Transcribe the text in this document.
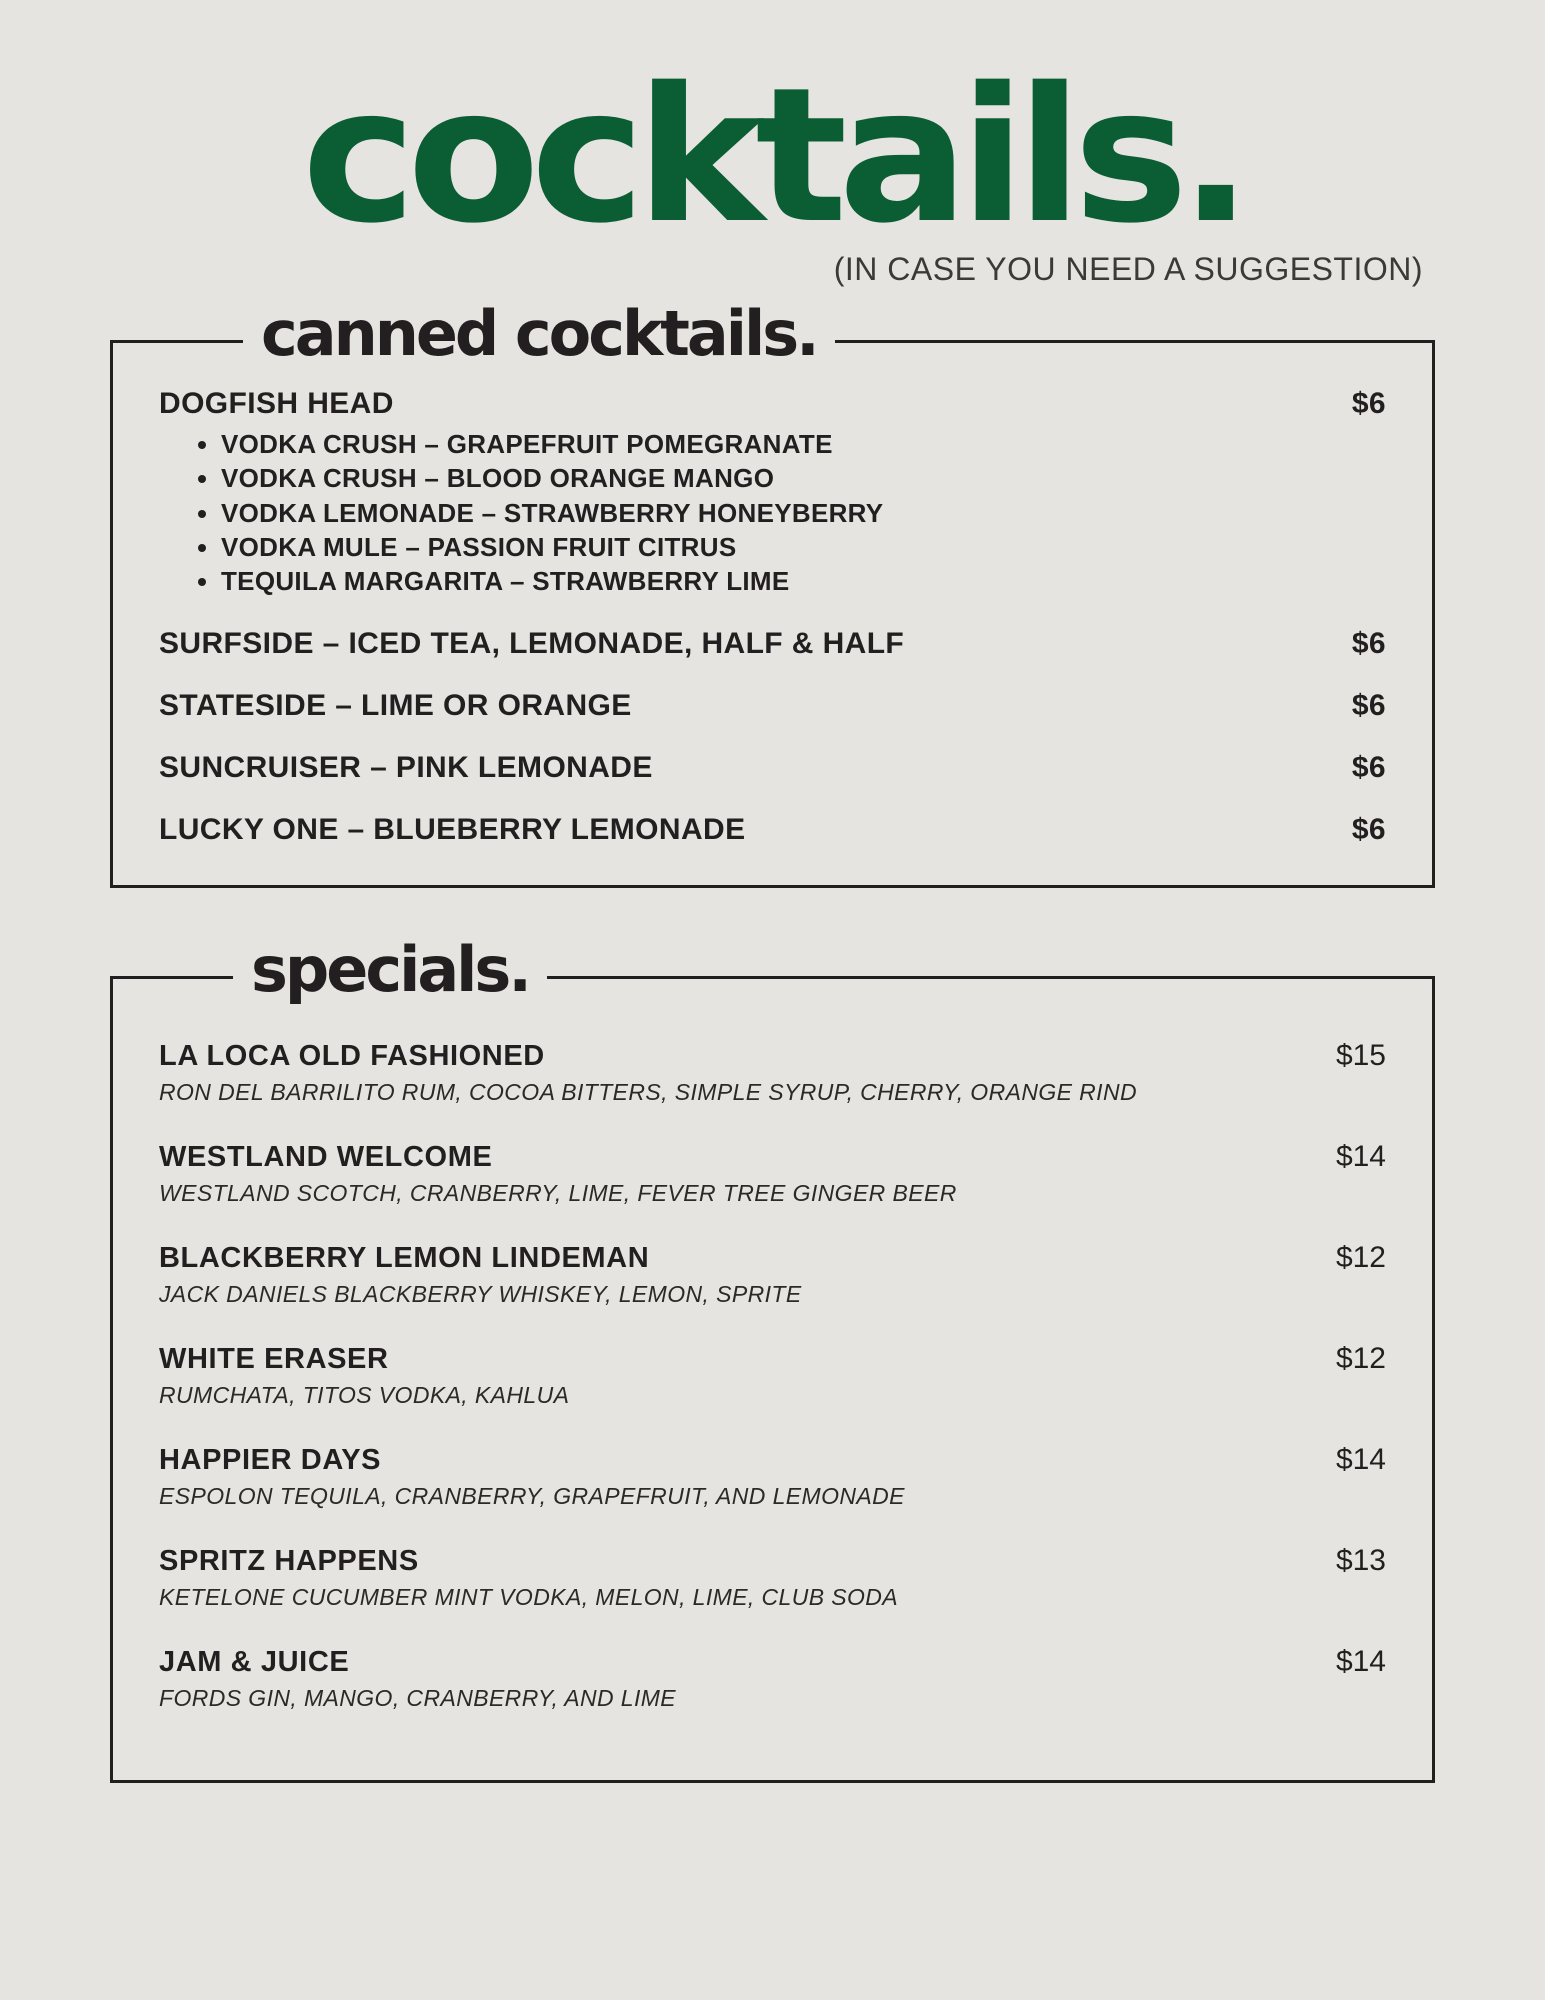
cocktails.
(IN CASE YOU NEED A SUGGESTION)
canned cocktails.
DOGFISH HEAD	$6
• VODKA CRUSH – GRAPEFRUIT POMEGRANATE
• VODKA CRUSH – BLOOD ORANGE MANGO
• VODKA LEMONADE – STRAWBERRY HONEYBERRY
• VODKA MULE – PASSION FRUIT CITRUS
• TEQUILA MARGARITA – STRAWBERRY LIME
SURFSIDE – ICED TEA, LEMONADE, HALF & HALF	$6
STATESIDE – LIME OR ORANGE	$6
SUNCRUISER – PINK LEMONADE	$6
LUCKY ONE – BLUEBERRY LEMONADE	$6
specials.
LA LOCA OLD FASHIONED	$15
RON DEL BARRILITO RUM, COCOA BITTERS, SIMPLE SYRUP, CHERRY, ORANGE RIND
WESTLAND WELCOME	$14
WESTLAND SCOTCH, CRANBERRY, LIME, FEVER TREE GINGER BEER
BLACKBERRY LEMON LINDEMAN	$12
JACK DANIELS BLACKBERRY WHISKEY, LEMON, SPRITE
WHITE ERASER	$12
RUMCHATA, TITOS VODKA, KAHLUA
HAPPIER DAYS	$14
ESPOLON TEQUILA, CRANBERRY, GRAPEFRUIT, AND LEMONADE
SPRITZ HAPPENS	$13
KETELONE CUCUMBER MINT VODKA, MELON, LIME, CLUB SODA
JAM & JUICE	$14
FORDS GIN, MANGO, CRANBERRY, AND LIME
